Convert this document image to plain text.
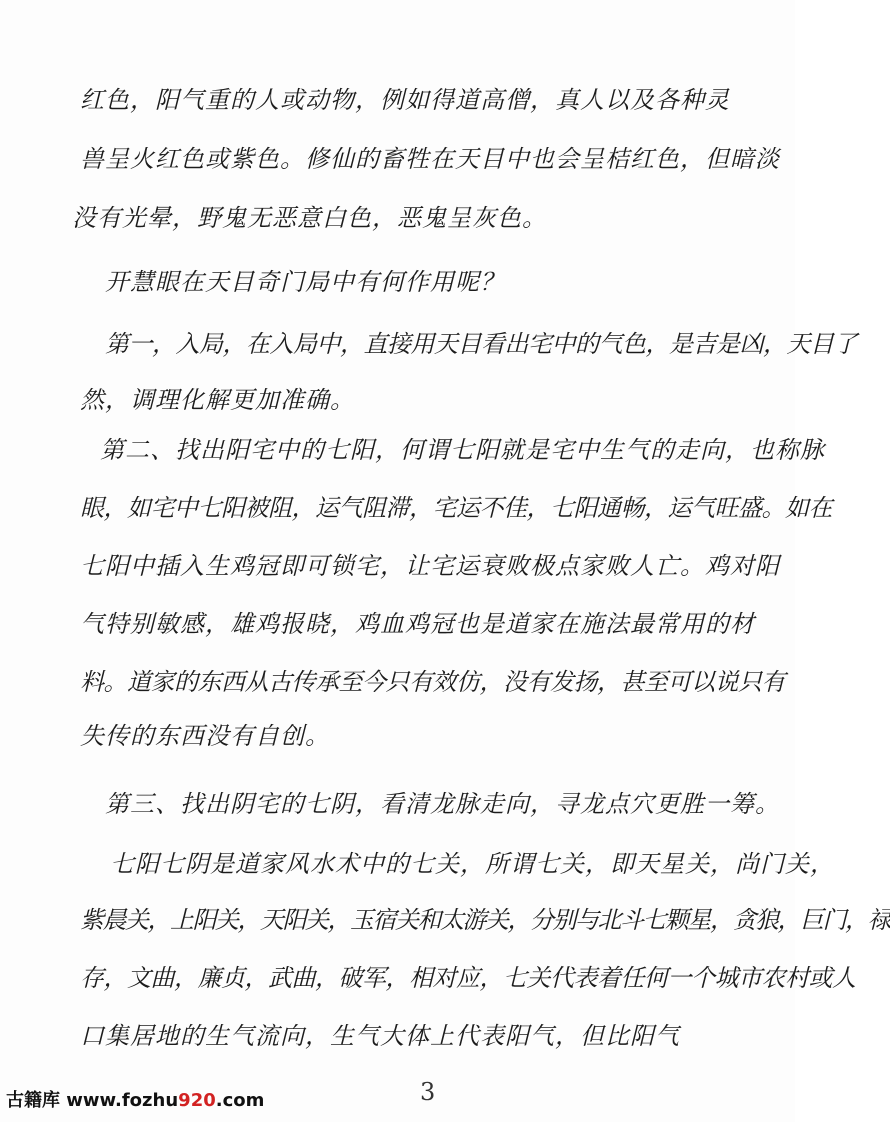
红色，阳气重的人或动物，例如得道高僧，真人以及各种灵
兽呈火红色或紫色。修仙的畜牲在天目中也会呈桔红色，但暗淡
没有光晕，野鬼无恶意白色，恶鬼呈灰色。
开慧眼在天目奇门局中有何作用呢？
第一，入局，在入局中，直接用天目看出宅中的气色，是吉是凶，天目了
然，调理化解更加准确。
第二、找出阳宅中的七阳，何谓七阳就是宅中生气的走向，也称脉
眼，如宅中七阳被阻，运气阻滞，宅运不佳，七阳通畅，运气旺盛。如在
七阳中插入生鸡冠即可锁宅，让宅运衰败极点家败人亡。鸡对阳
气特别敏感，雄鸡报晓，鸡血鸡冠也是道家在施法最常用的材
料。道家的东西从古传承至今只有效仿，没有发扬，甚至可以说只有
失传的东西没有自创。
第三、找出阴宅的七阴，看清龙脉走向，寻龙点穴更胜一筹。
七阳七阴是道家风水术中的七关，所谓七关，即天星关，尚门关，
紫晨关，上阳关，天阳关，玉宿关和太游关，分别与北斗七颗星，贪狼，巨门，禄
存，文曲，廉贞，武曲，破军，相对应，七关代表着任何一个城市农村或人
口集居地的生气流向，生气大体上代表阳气，但比阳气
3
古籍库 www.fozhu920.com
